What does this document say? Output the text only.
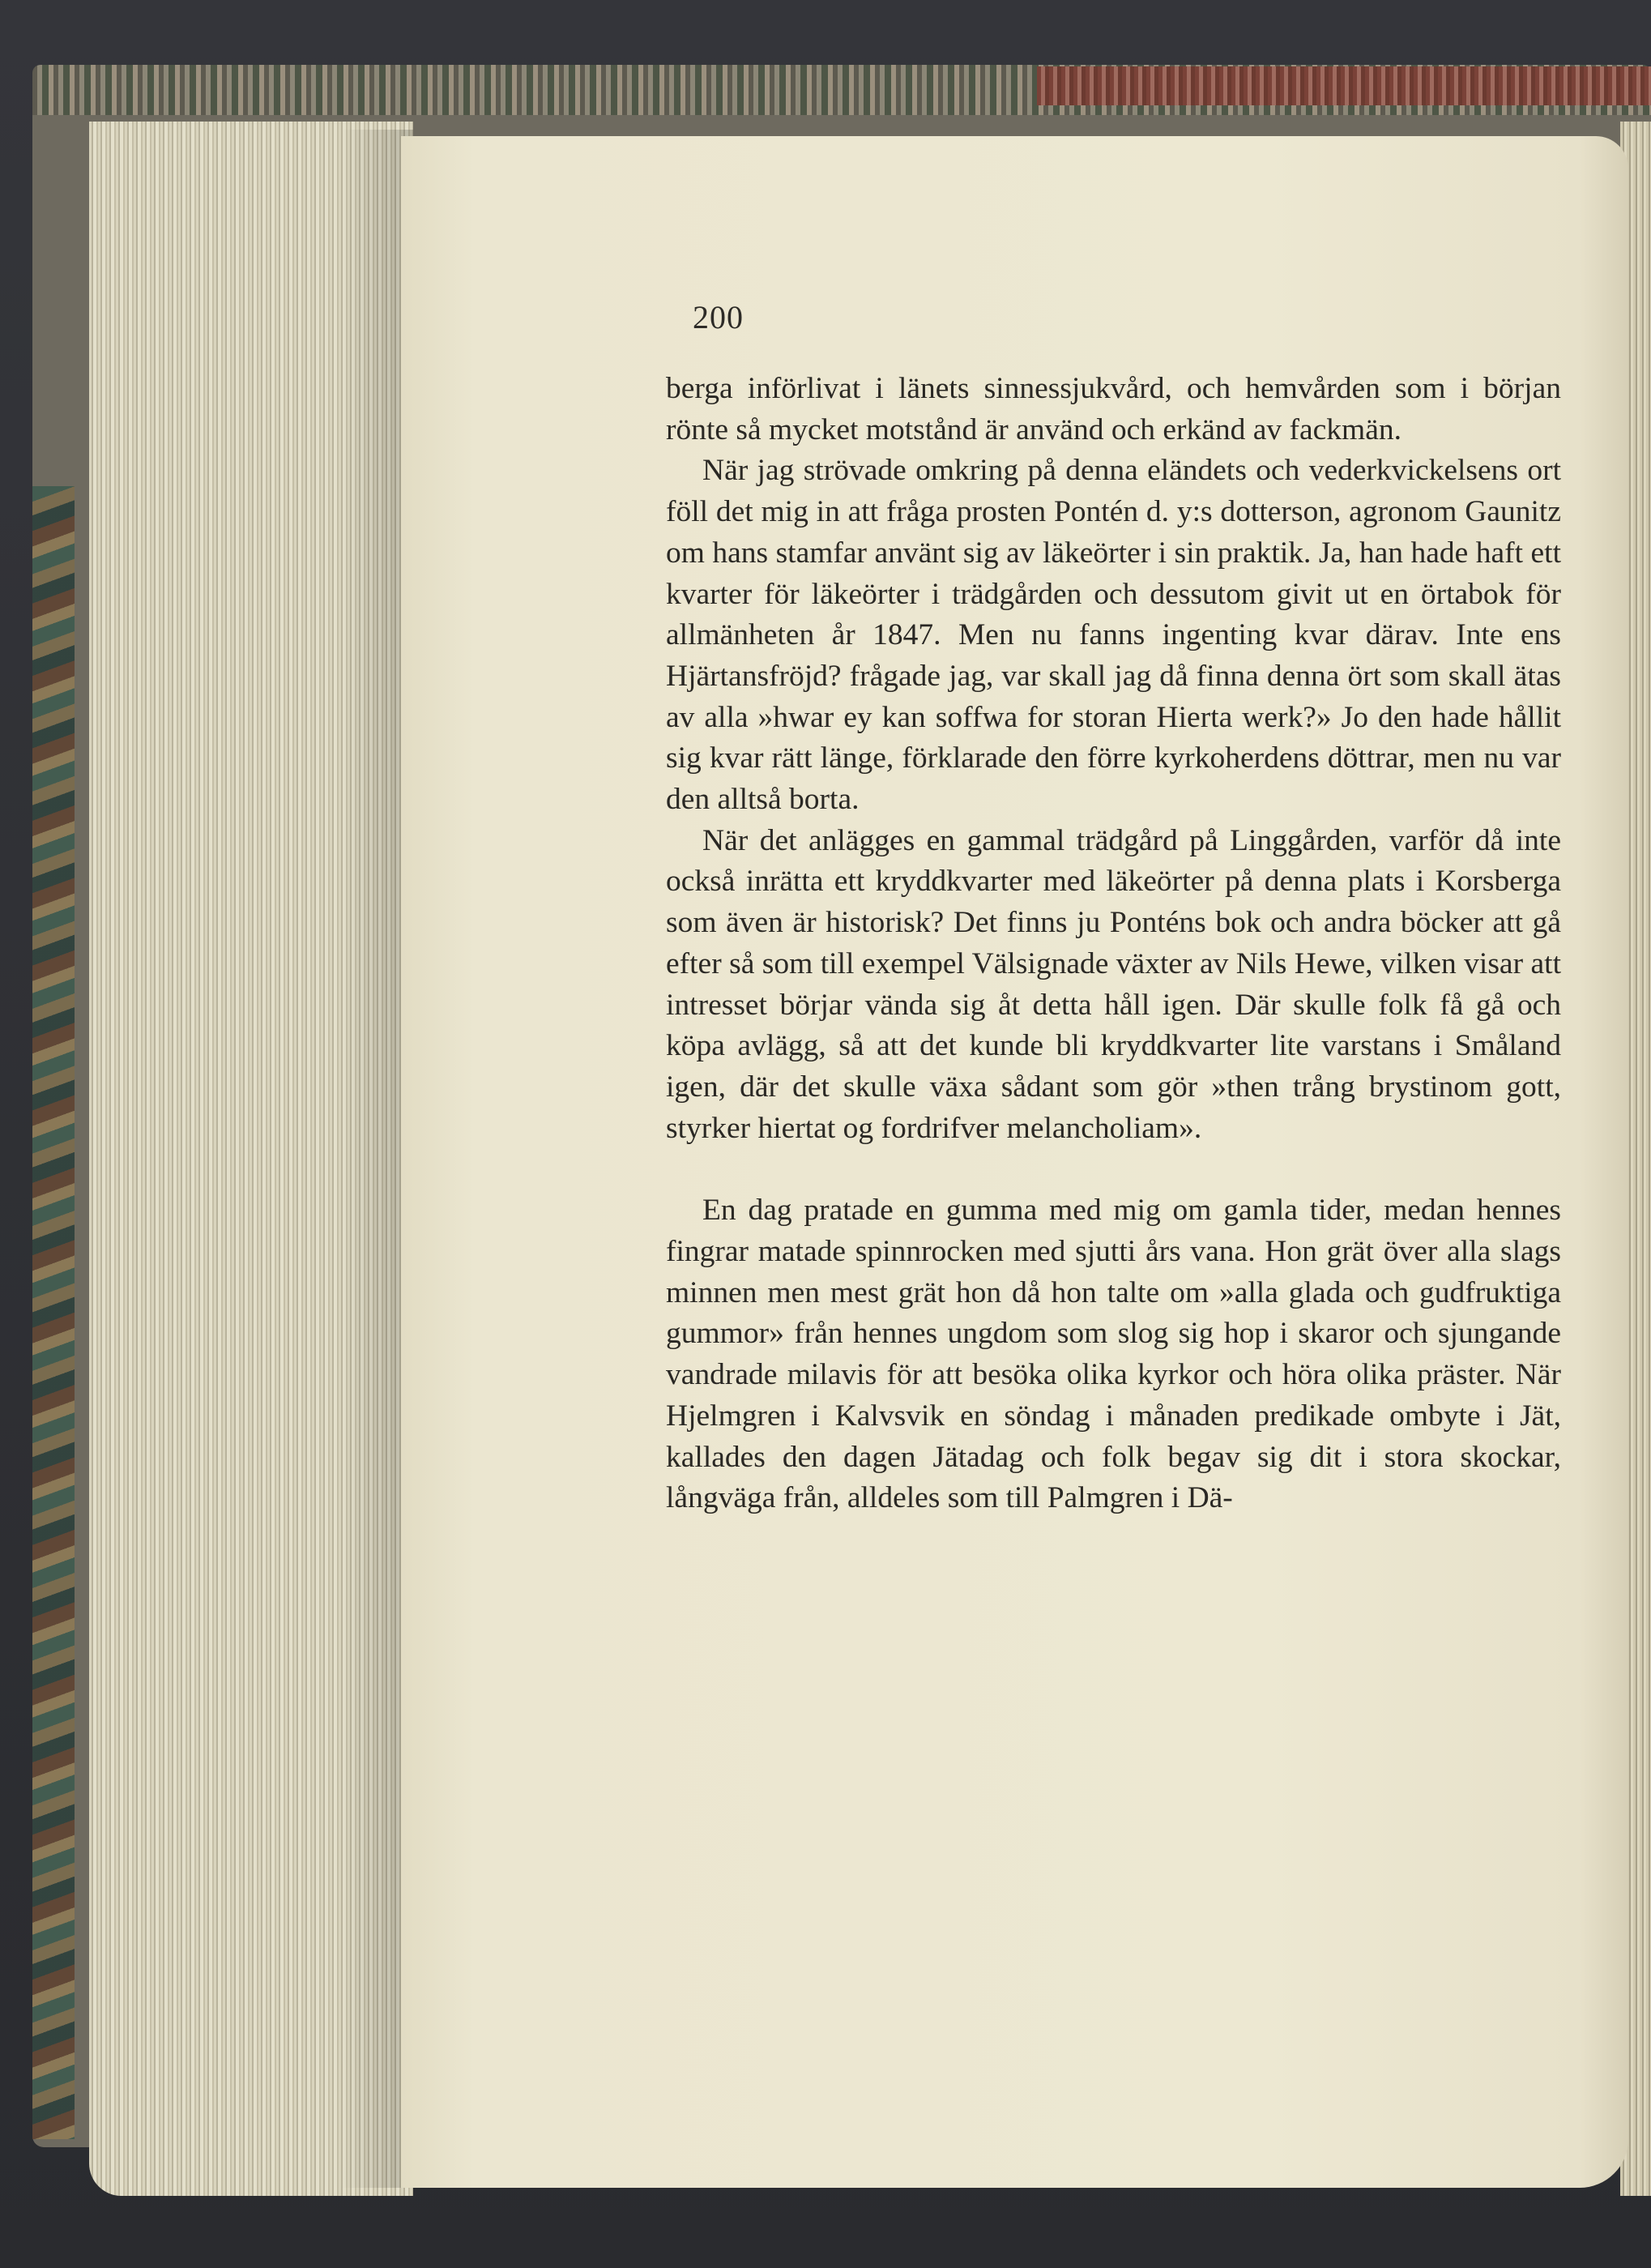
200

berga införlivat i länets sinnessjukvård, och hemvården som i början rönte så mycket motstånd är använd och erkänd av fackmän.

När jag strövade omkring på denna eländets och vederkvickelsens ort föll det mig in att fråga prosten Pontén d. y:s dotterson, agronom Gaunitz om hans stamfar använt sig av läkeörter i sin praktik. Ja, han hade haft ett kvarter för läkeörter i trädgården och dessutom givit ut en örtabok för allmänheten år 1847. Men nu fanns ingenting kvar därav. Inte ens Hjärtansfröjd? frågade jag, var skall jag då finna denna ört som skall ätas av alla »hwar ey kan soffwa for storan Hierta werk?» Jo den hade hållit sig kvar rätt länge, förklarade den förre kyrkoherdens döttrar, men nu var den alltså borta.

När det anlägges en gammal trädgård på Linggården, varför då inte också inrätta ett kryddkvarter med läkeörter på denna plats i Korsberga som även är historisk? Det finns ju Ponténs bok och andra böcker att gå efter så som till exempel Välsignade växter av Nils Hewe, vilken visar att intresset börjar vända sig åt detta håll igen. Där skulle folk få gå och köpa avlägg, så att det kunde bli kryddkvarter lite varstans i Småland igen, där det skulle växa sådant som gör »then trång brystinom gott, styrker hiertat og fordrifver melancholiam».

En dag pratade en gumma med mig om gamla tider, medan hennes fingrar matade spinnrocken med sjutti års vana. Hon grät över alla slags minnen men mest grät hon då hon talte om »alla glada och gudfruktiga gummor» från hennes ungdom som slog sig hop i skaror och sjungande vandrade milavis för att besöka olika kyrkor och höra olika präster. När Hjelmgren i Kalvsvik en söndag i månaden predikade ombyte i Jät, kallades den dagen Jätadag och folk begav sig dit i stora skockar, långväga från, alldeles som till Palmgren i Dä-
